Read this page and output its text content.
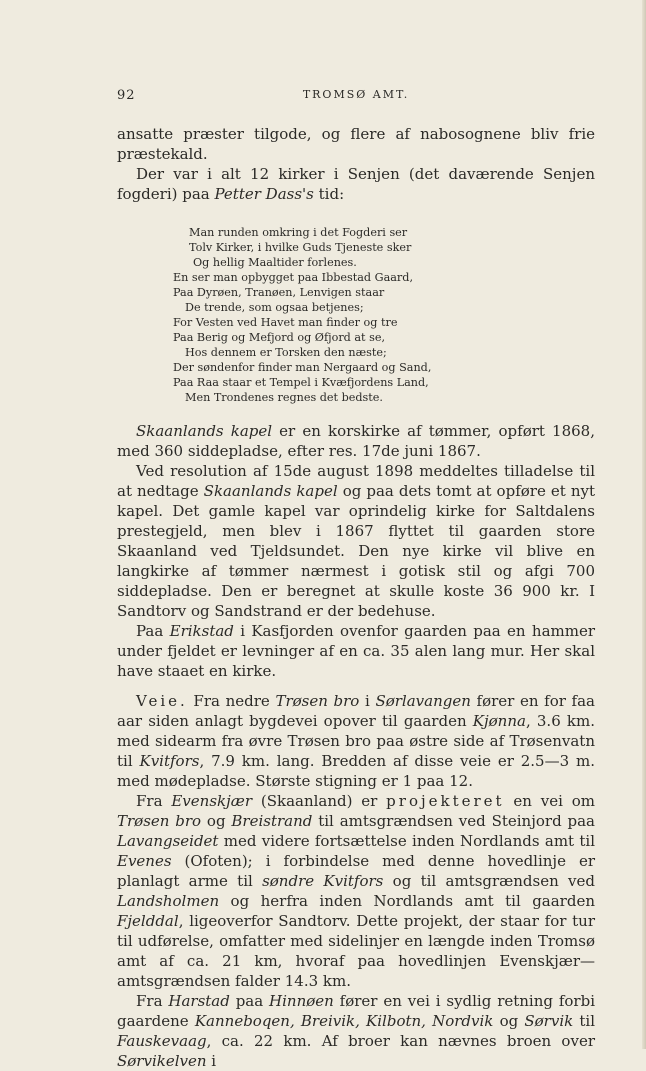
92	TROMSØ AMT.

ansatte præster tilgode, og flere af nabosognene bliv frie præstekald.

Der var i alt 12 kirker i Senjen (det daværende Senjen fogderi) paa Petter Dass's tid:

Man runden omkring i det Fogderi ser
Tolv Kirker, i hvilke Guds Tjeneste sker
Og hellig Maaltider forlenes.
En ser man opbygget paa Ibbestad Gaard,
Paa Dyrøen, Tranøen, Lenvigen staar
De trende, som ogsaa betjenes;
For Vesten ved Havet man finder og tre
Paa Berig og Mefjord og Øfjord at se,
Hos dennem er Torsken den næste;
Der søndenfor finder man Nergaard og Sand,
Paa Raa staar et Tempel i Kvæfjordens Land,
Men Trondenes regnes det bedste.

Skaanlands kapel er en korskirke af tømmer, opført 1868, med 360 siddepladse, efter res. 17de juni 1867.

Ved resolution af 15de august 1898 meddeltes tilladelse til at nedtage Skaanlands kapel og paa dets tomt at opføre et nyt kapel. Det gamle kapel var oprindelig kirke for Saltdalens prestegjeld, men blev i 1867 flyttet til gaarden store Skaanland ved Tjeldsundet. Den nye kirke vil blive en langkirke af tømmer nærmest i gotisk stil og afgi 700 siddepladse. Den er beregnet at skulle koste 36 900 kr. I Sandtorv og Sandstrand er der bedehuse.

Paa Erikstad i Kasfjorden ovenfor gaarden paa en hammer under fjeldet er levninger af en ca. 35 alen lang mur. Her skal have staaet en kirke.

Veie. Fra nedre Trøsen bro i Sørlavangen fører en for faa aar siden anlagt bygdevei opover til gaarden Kjønna, 3.6 km. med sidearm fra øvre Trøsen bro paa østre side af Trøsenvatn til Kvitfors, 7.9 km. lang. Bredden af disse veie er 2.5—3 m. med mødepladse. Største stigning er 1 paa 12.

Fra Evenskjær (Skaanland) er projekteret en vei om Trøsen bro og Breistrand til amtsgrændsen ved Steinjord paa Lavangseidet med videre fortsættelse inden Nordlands amt til Evenes (Ofoten); i forbindelse med denne hovedlinje er planlagt arme til søndre Kvitfors og til amtsgrændsen ved Landsholmen og herfra inden Nordlands amt til gaarden Fjelddal, ligeoverfor Sandtorv. Dette projekt, der staar for tur til udførelse, omfatter med sidelinjer en længde inden Tromsø amt af ca. 21 km, hvoraf paa hovedlinjen Evenskjær—amtsgrændsen falder 14.3 km.

Fra Harstad paa Hinnøen fører en vei i sydlig retning forbi gaardene Kanneboqen, Breivik, Kilbotn, Nordvik og Sørvik til Fauskevaag, ca. 22 km. Af broer kan nævnes broen over Sørvikelven i
